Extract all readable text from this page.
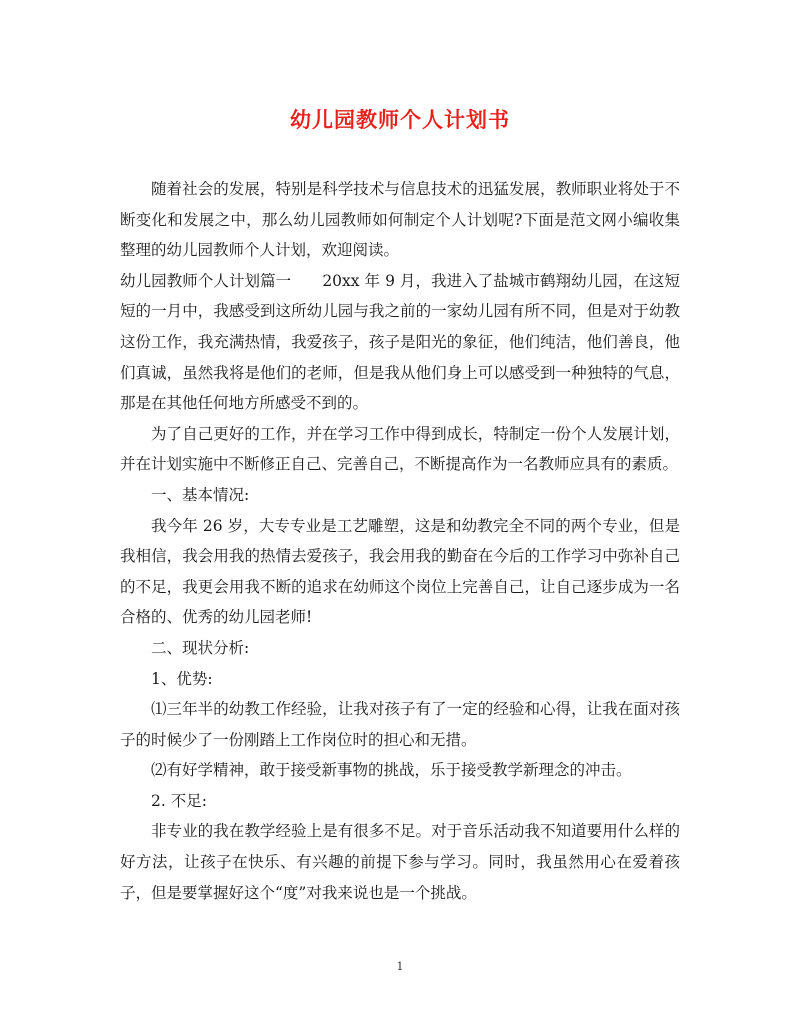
幼儿园教师个人计划书

随着社会的发展，特别是科学技术与信息技术的迅猛发展，教师职业将处于不断变化和发展之中，那么幼儿园教师如何制定个人计划呢?下面是范文网小编收集整理的幼儿园教师个人计划，欢迎阅读。

幼儿园教师个人计划篇一　　20xx 年 9 月，我进入了盐城市鹤翔幼儿园，在这短短的一月中，我感受到这所幼儿园与我之前的一家幼儿园有所不同，但是对于幼教这份工作，我充满热情，我爱孩子，孩子是阳光的象征，他们纯洁，他们善良，他们真诚，虽然我将是他们的老师，但是我从他们身上可以感受到一种独特的气息，那是在其他任何地方所感受不到的。

为了自己更好的工作，并在学习工作中得到成长，特制定一份个人发展计划，并在计划实施中不断修正自己、完善自己，不断提高作为一名教师应具有的素质。

一、基本情况:

我今年 26 岁，大专专业是工艺雕塑，这是和幼教完全不同的两个专业，但是我相信，我会用我的热情去爱孩子，我会用我的勤奋在今后的工作学习中弥补自己的不足，我更会用我不断的追求在幼师这个岗位上完善自己，让自己逐步成为一名合格的、优秀的幼儿园老师!

二、现状分析:

1、优势:

⑴三年半的幼教工作经验，让我对孩子有了一定的经验和心得，让我在面对孩子的时候少了一份刚踏上工作岗位时的担心和无措。

⑵有好学精神，敢于接受新事物的挑战，乐于接受教学新理念的冲击。

2. 不足:

非专业的我在教学经验上是有很多不足。对于音乐活动我不知道要用什么样的好方法，让孩子在快乐、有兴趣的前提下参与学习。同时，我虽然用心在爱着孩子，但是要掌握好这个“度”对我来说也是一个挑战。

1
